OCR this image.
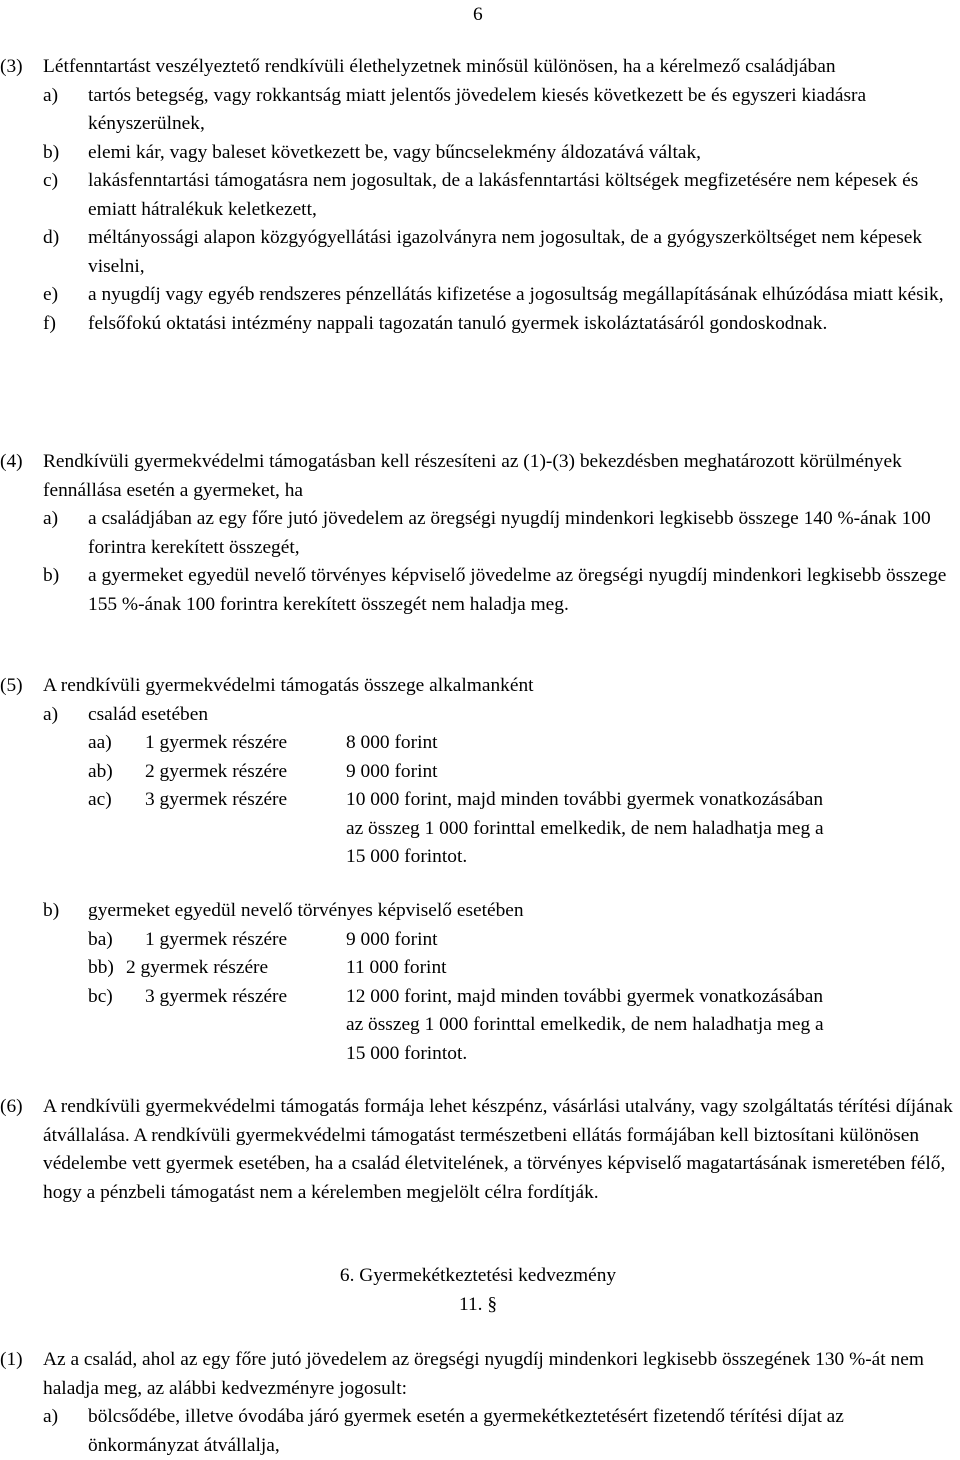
6
(3) Létfenntartást veszélyeztető rendkívüli élethelyzetnek minősül különösen, ha a kérelmező családjában
a) tartós betegség, vagy rokkantság miatt jelentős jövedelem kiesés következett be és egyszeri kiadásra kényszerülnek,
b) elemi kár, vagy baleset következett be, vagy bűncselekmény áldozatává váltak,
c) lakásfenntartási támogatásra nem jogosultak, de a lakásfenntartási költségek megfizetésére nem képesek és emiatt hátralékuk keletkezett,
d) méltányossági alapon közgyógyellátási igazolványra nem jogosultak, de a gyógyszerköltséget nem képesek viselni,
e) a nyugdíj vagy egyéb rendszeres pénzellátás kifizetése a jogosultság megállapításának elhúzódása miatt késik,
f) felsőfokú oktatási intézmény nappali tagozatán tanuló gyermek iskoláztatásáról gondoskodnak.
(4) Rendkívüli gyermekvédelmi támogatásban kell részesíteni az (1)-(3) bekezdésben meghatározott körülmények fennállása esetén a gyermeket, ha
a) a családjában az egy főre jutó jövedelem az öregségi nyugdíj mindenkori legkisebb összege 140 %-ának 100 forintra kerekített összegét,
b) a gyermeket egyedül nevelő törvényes képviselő jövedelme az öregségi nyugdíj mindenkori legkisebb összege 155 %-ának 100 forintra kerekített összegét nem haladja meg.
(5) A rendkívüli gyermekvédelmi támogatás összege alkalmanként
a) család esetében
aa) 1 gyermek részére	8 000 forint
ab) 2 gyermek részére	9 000 forint
ac) 3 gyermek részére	10 000 forint, majd minden további gyermek vonatkozásában
az összeg 1 000 forinttal emelkedik, de nem haladhatja meg a
15 000 forintot.
b) gyermeket egyedül nevelő törvényes képviselő esetében
ba) 1 gyermek részére	9 000 forint
bb) 2 gyermek részére	11 000 forint
bc) 3 gyermek részére	12 000 forint, majd minden további gyermek vonatkozásában
az összeg 1 000 forinttal emelkedik, de nem haladhatja meg a
15 000 forintot.
(6) A rendkívüli gyermekvédelmi támogatás formája lehet készpénz, vásárlási utalvány, vagy szolgáltatás térítési díjának átvállalása. A rendkívüli gyermekvédelmi támogatást természetbeni ellátás formájában kell biztosítani különösen védelembe vett gyermek esetében, ha a család életvitelének, a törvényes képviselő magatartásának ismeretében félő, hogy a pénzbeli támogatást nem a kérelemben megjelölt célra fordítják.
6. Gyermekétkeztetési kedvezmény
11. §
(1) Az a család, ahol az egy főre jutó jövedelem az öregségi nyugdíj mindenkori legkisebb összegének 130 %-át nem haladja meg, az alábbi kedvezményre jogosult:
a) bölcsődébe, illetve óvodába járó gyermek esetén a gyermekétkeztetésért fizetendő térítési díjat az önkormányzat átvállalja,
